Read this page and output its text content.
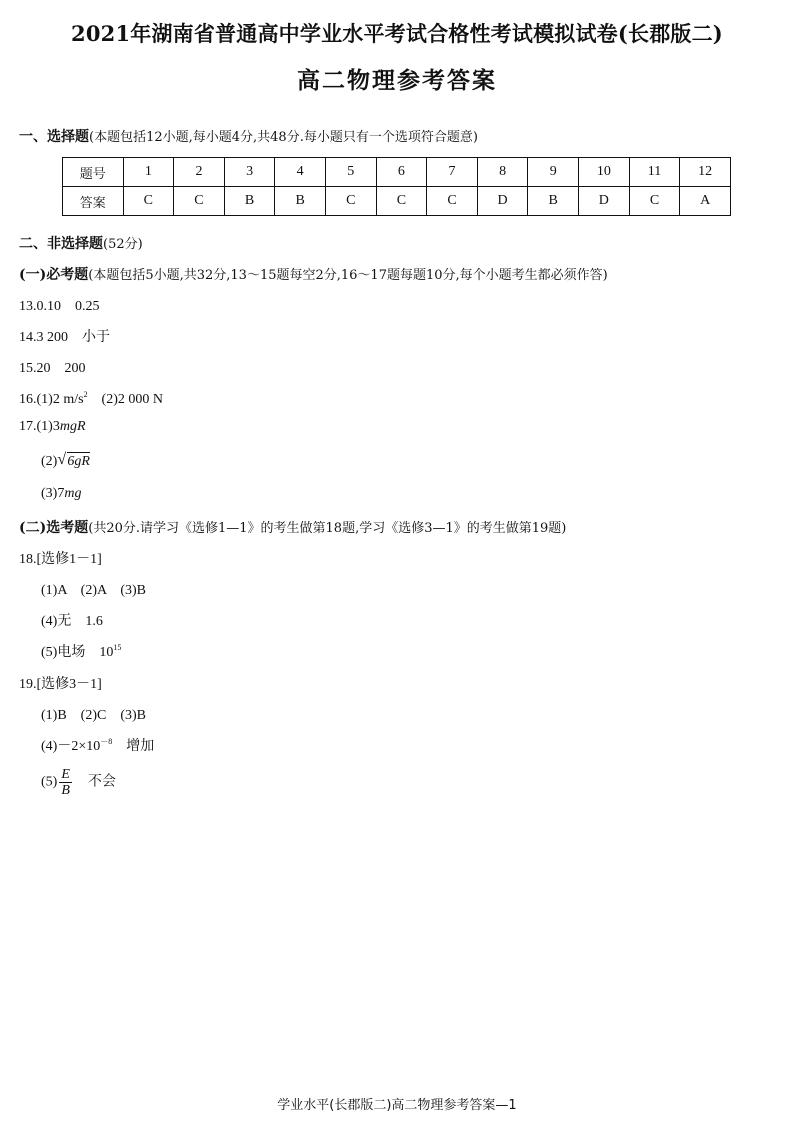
2021年湖南省普通高中学业水平考试合格性考试模拟试卷(长郡版二)
高二物理参考答案
一、选择题(本题包括12小题,每小题4分,共48分.每小题只有一个选项符合题意)
题号	1	2	3	4	5	6	7	8	9	10	11	12
答案	C	C	B	B	C	C	C	D	B	D	C	A
二、非选择题(52分)
(一)必考题(本题包括5小题,共32分,13～15题每空2分,16～17题每题10分,每个小题考生都必须作答)
13.0.10　0.25
14.3 200　小于
15.20　200
16.(1)2 $m/s^2$　(2)2 000 N
17.(1)3mgR
(2) √ 6gR
(3)7mg
(二)选考题(共20分.请学习《选修1—1》的考生做第18题,学习《选修3—1》的考生做第19题)
18.[选修1－1]
(1)A　(2)A　(3)B
(4)无　1.6
(5)电场　$10^{15}$
19.[选修3－1]
(1)B　(2)C　(3)B
$(4)-2\times 10^{-8}$　增加
$(5) \frac{E}{B}$ 　不会
学业水平(长郡版二)高二物理参考答案—1
